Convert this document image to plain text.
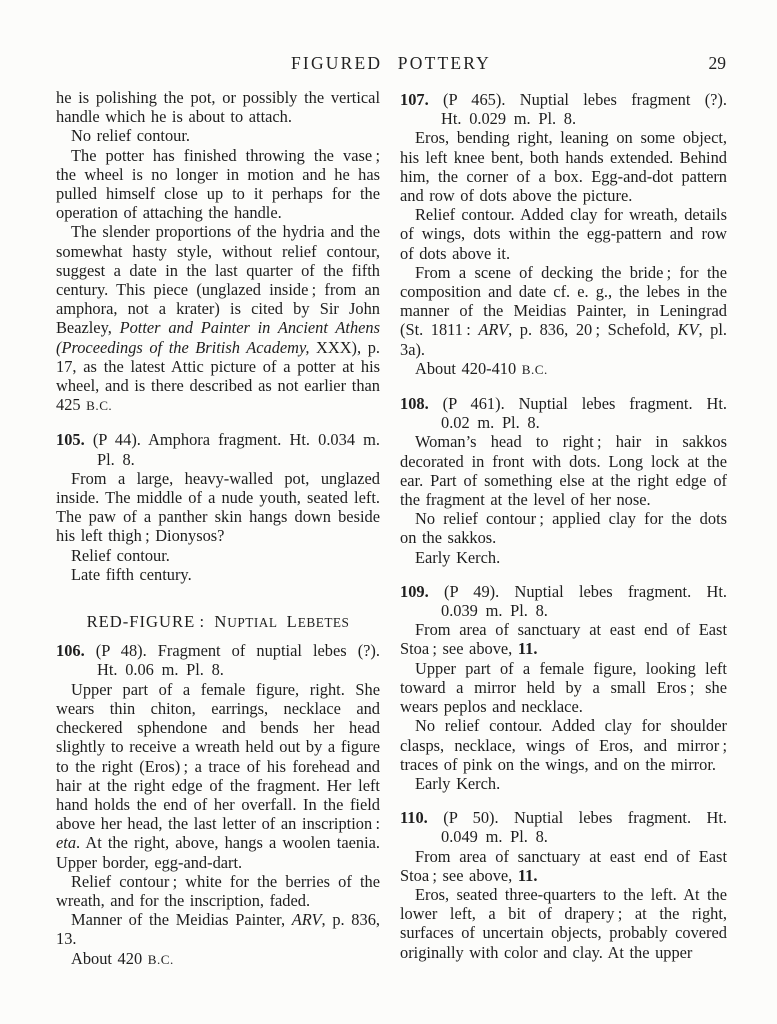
FIGURED POTTERY	29

he is polishing the pot, or possibly the vertical handle which he is about to attach.

No relief contour.

The potter has finished throwing the vase ; the wheel is no longer in motion and he has pulled himself close up to it perhaps for the operation of attaching the handle.

The slender proportions of the hydria and the somewhat hasty style, without relief contour, suggest a date in the last quarter of the fifth century. This piece (unglazed inside ; from an amphora, not a krater) is cited by Sir John Beazley, Potter and Painter in Ancient Athens (Proceedings of the British Academy, XXX), p. 17, as the latest Attic picture of a potter at his wheel, and is there described as not earlier than 425 B.C.

105. (P 44). Amphora fragment. Ht. 0.034 m.
Pl. 8.

From a large, heavy-walled pot, unglazed inside. The middle of a nude youth, seated left. The paw of a panther skin hangs down beside his left thigh ; Dionysos?

Relief contour.

Late fifth century.

RED-FIGURE : NUPTIAL LEBETES
106. (P 48). Fragment of nuptial lebes (?).
Ht. 0.06 m. Pl. 8.

Upper part of a female figure, right. She wears thin chiton, earrings, necklace and checkered sphendone and bends her head slightly to receive a wreath held out by a figure to the right (Eros) ; a trace of his forehead and hair at the right edge of the fragment. Her left hand holds the end of her overfall. In the field above her head, the last letter of an inscription : eta. At the right, above, hangs a woolen taenia. Upper border, egg-and-dart.

Relief contour ; white for the berries of the wreath, and for the inscription, faded.

Manner of the Meidias Painter, ARV, p. 836, 13.

About 420 B.C.

107. (P 465). Nuptial lebes fragment (?).
Ht. 0.029 m. Pl. 8.

Eros, bending right, leaning on some object, his left knee bent, both hands extended. Behind him, the corner of a box. Egg-and-dot pattern and row of dots above the picture.

Relief contour. Added clay for wreath, details of wings, dots within the egg-pattern and row of dots above it.

From a scene of decking the bride ; for the composition and date cf. e. g., the lebes in the manner of the Meidias Painter, in Leningrad (St. 1811 : ARV, p. 836, 20 ; Schefold, KV, pl. 3a).

About 420-410 B.C.

108. (P 461). Nuptial lebes fragment. Ht.
0.02 m. Pl. 8.

Woman’s head to right ; hair in sakkos decorated in front with dots. Long lock at the ear. Part of something else at the right edge of the fragment at the level of her nose.

No relief contour ; applied clay for the dots on the sakkos.

Early Kerch.

109. (P 49). Nuptial lebes fragment. Ht.
0.039 m. Pl. 8.

From area of sanctuary at east end of East Stoa ; see above, 11.

Upper part of a female figure, looking left toward a mirror held by a small Eros ; she wears peplos and necklace.

No relief contour. Added clay for shoulder clasps, necklace, wings of Eros, and mirror ; traces of pink on the wings, and on the mirror.

Early Kerch.

110. (P 50). Nuptial lebes fragment. Ht.
0.049 m. Pl. 8.

From area of sanctuary at east end of East Stoa ; see above, 11.

Eros, seated three-quarters to the left. At the lower left, a bit of drapery ; at the right, surfaces of uncertain objects, probably covered originally with color and clay. At the upper
